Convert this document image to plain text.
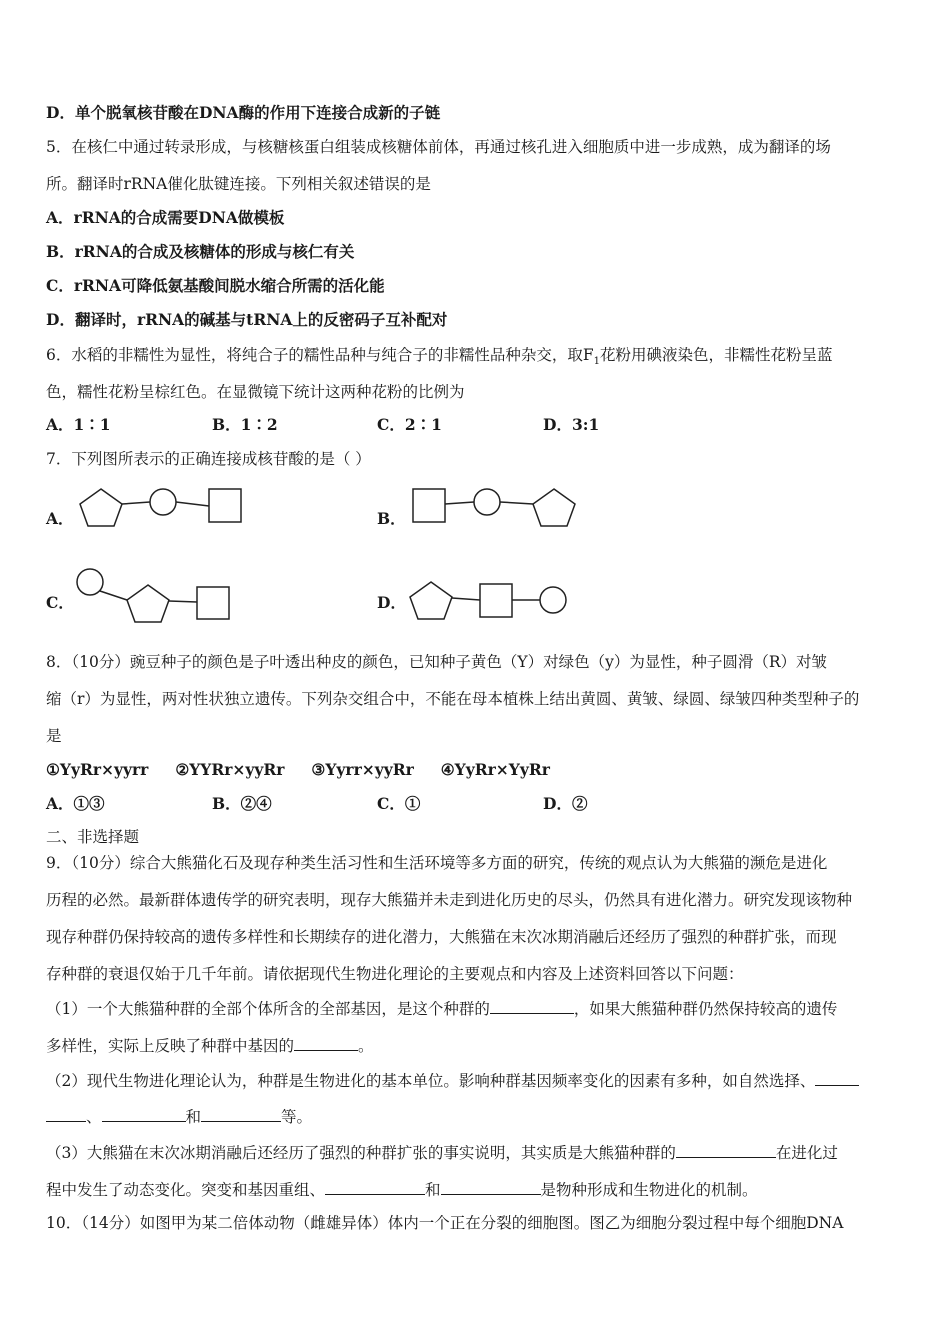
D．单个脱氧核苷酸在DNA酶的作用下连接合成新的子链
5．在核仁中通过转录形成，与核糖核蛋白组装成核糖体前体，再通过核孔进入细胞质中进一步成熟，成为翻译的场
所。翻译时rRNA催化肽键连接。下列相关叙述错误的是
A．rRNA的合成需要DNA做模板
B．rRNA的合成及核糖体的形成与核仁有关
C．rRNA可降低氨基酸间脱水缩合所需的活化能
D．翻译时，rRNA的碱基与tRNA上的反密码子互补配对
6．水稻的非糯性为显性，将纯合子的糯性品种与纯合子的非糯性品种杂交，取$F_1$花粉用碘液染色，非糯性花粉呈蓝
色，糯性花粉呈棕红色。在显微镜下统计这两种花粉的比例为
A．1∶1	B．1∶2	C．2∶1	D．3:1
7．下列图所表示的正确连接成核苷酸的是（ ）
A．	B．
C．	D．
8．（10分）豌豆种子的颜色是子叶透出种皮的颜色，已知种子黄色（Y）对绿色（y）为显性，种子圆滑（R）对皱
缩（r）为显性，两对性状独立遗传。下列杂交组合中，不能在母本植株上结出黄圆、黄皱、绿圆、绿皱四种类型种子的
是
①YyRr×yyrr     ②YYRr×yyRr     ③Yyrr×yyRr     ④YyRr×YyRr
A．①③	B．②④	C．①	D．②
二、非选择题
9．（10分）综合大熊猫化石及现存种类生活习性和生活环境等多方面的研究，传统的观点认为大熊猫的濒危是进化
历程的必然。最新群体遗传学的研究表明，现存大熊猫并未走到进化历史的尽头，仍然具有进化潜力。研究发现该物种
现存种群仍保持较高的遗传多样性和长期续存的进化潜力，大熊猫在末次冰期消融后还经历了强烈的种群扩张，而现
存种群的衰退仅始于几千年前。请依据现代生物进化理论的主要观点和内容及上述资料回答以下问题：
（1）一个大熊猫种群的全部个体所含的全部基因，是这个种群的	，如果大熊猫种群仍然保持较高的遗传
多样性，实际上反映了种群中基因的	。
（2）现代生物进化理论认为，种群是生物进化的基本单位。影响种群基因频率变化的因素有多种，如自然选择、
、	和	等。
（3）大熊猫在末次冰期消融后还经历了强烈的种群扩张的事实说明，其实质是大熊猫种群的	在进化过
程中发生了动态变化。突变和基因重组、	和	是物种形成和生物进化的机制。
10．（14分）如图甲为某二倍体动物（雌雄异体）体内一个正在分裂的细胞图。图乙为细胞分裂过程中每个细胞DNA
